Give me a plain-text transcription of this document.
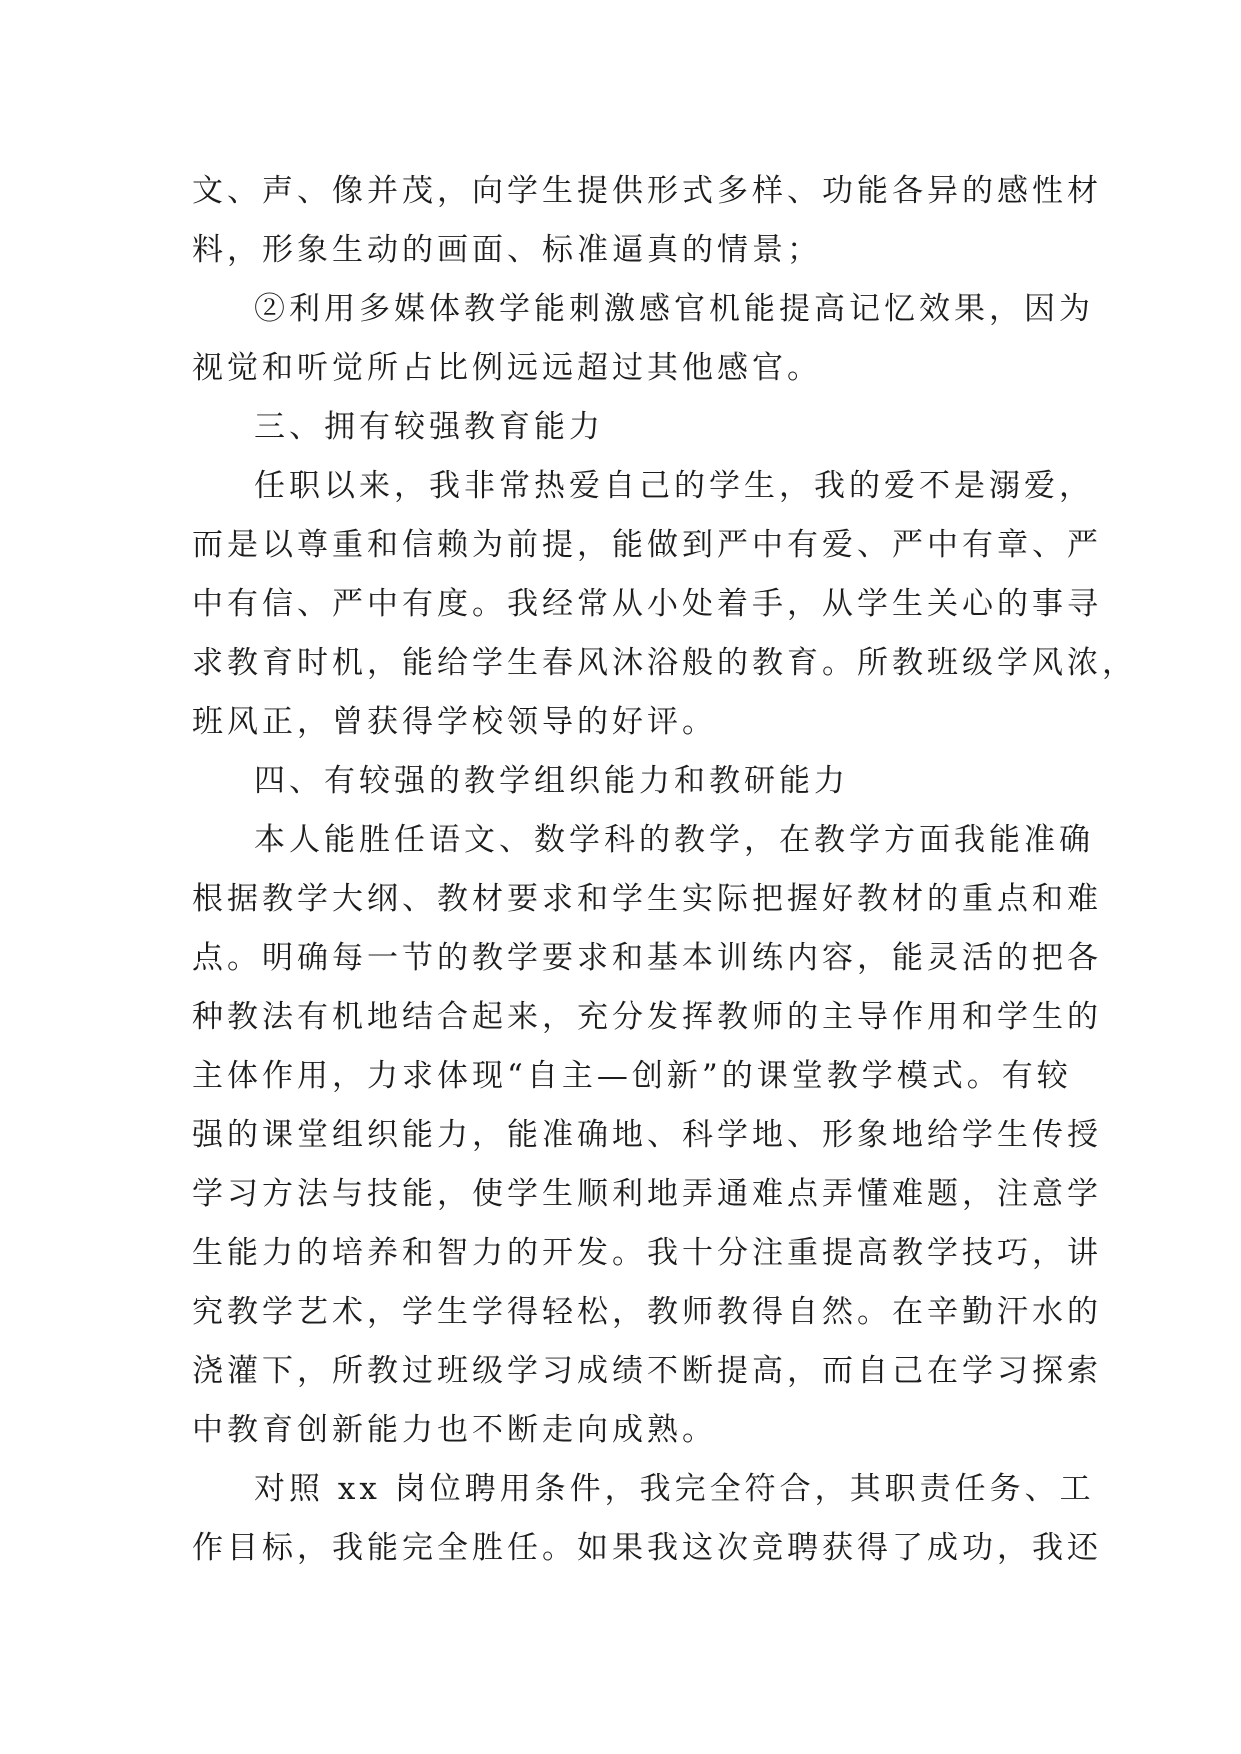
文、声、像并茂，向学生提供形式多样、功能各异的感性材
料，形象生动的画面、标准逼真的情景；
②利用多媒体教学能刺激感官机能提高记忆效果，因为
视觉和听觉所占比例远远超过其他感官。
三、拥有较强教育能力
任职以来，我非常热爱自己的学生，我的爱不是溺爱，
而是以尊重和信赖为前提，能做到严中有爱、严中有章、严
中有信、严中有度。我经常从小处着手，从学生关心的事寻
求教育时机，能给学生春风沐浴般的教育。所教班级学风浓，
班风正，曾获得学校领导的好评。
四、有较强的教学组织能力和教研能力
本人能胜任语文、数学科的教学，在教学方面我能准确
根据教学大纲、教材要求和学生实际把握好教材的重点和难
点。明确每一节的教学要求和基本训练内容，能灵活的把各
种教法有机地结合起来，充分发挥教师的主导作用和学生的
主体作用，力求体现“自主—创新”的课堂教学模式。有较
强的课堂组织能力，能准确地、科学地、形象地给学生传授
学习方法与技能，使学生顺利地弄通难点弄懂难题，注意学
生能力的培养和智力的开发。我十分注重提高教学技巧，讲
究教学艺术，学生学得轻松，教师教得自然。在辛勤汗水的
浇灌下，所教过班级学习成绩不断提高，而自己在学习探索
中教育创新能力也不断走向成熟。
对照 xx 岗位聘用条件，我完全符合，其职责任务、工
作目标，我能完全胜任。如果我这次竞聘获得了成功，我还
